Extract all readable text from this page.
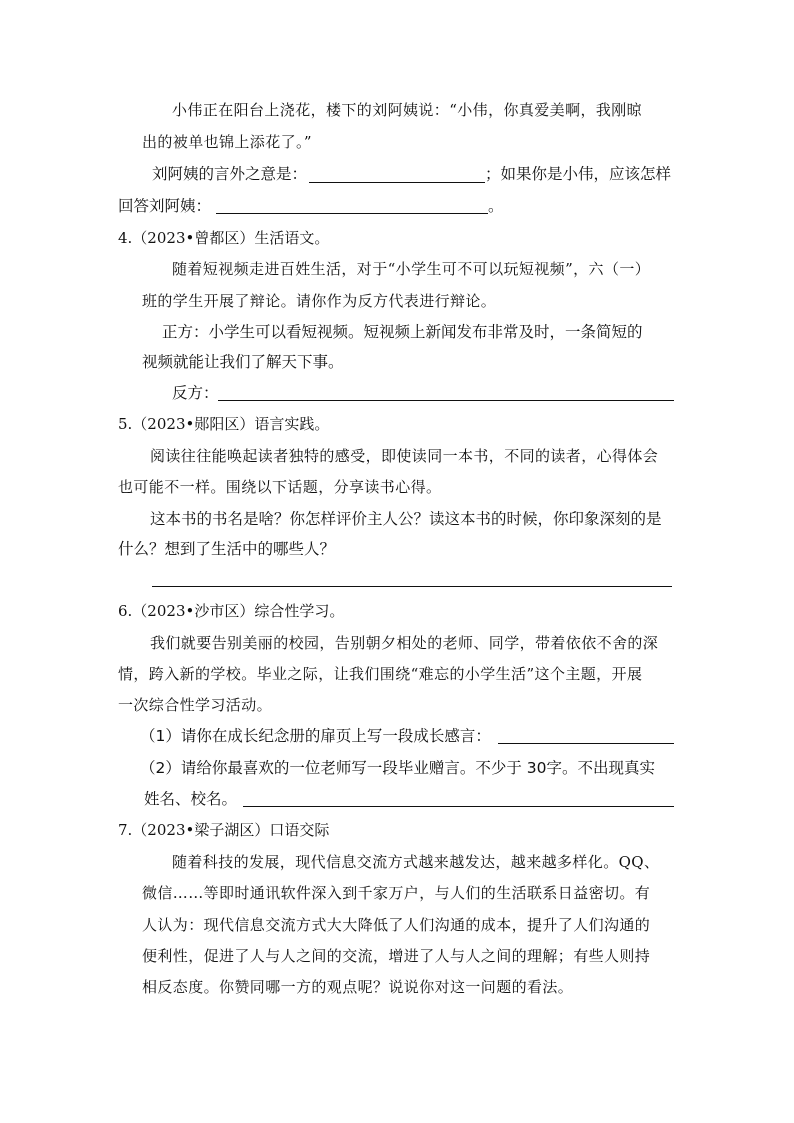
小伟正在阳台上浇花，楼下的刘阿姨说：“小伟，你真爱美啊，我刚晾
出的被单也锦上添花了。”
刘阿姨的言外之意是：	；如果你是小伟，应该怎样
回答刘阿姨：	。
4.（2023•曾都区）生活语文。
随着短视频走进百姓生活，对于“小学生可不可以玩短视频”，六（一）
班的学生开展了辩论。请你作为反方代表进行辩论。
正方：小学生可以看短视频。短视频上新闻发布非常及时，一条简短的
视频就能让我们了解天下事。
反方：
5.（2023•郧阳区）语言实践。
阅读往往能唤起读者独特的感受，即使读同一本书，不同的读者，心得体会
也可能不一样。围绕以下话题，分享读书心得。
这本书的书名是啥？你怎样评价主人公？读这本书的时候，你印象深刻的是
什么？想到了生活中的哪些人？
6.（2023•沙市区）综合性学习。
我们就要告别美丽的校园，告别朝夕相处的老师、同学，带着依依不舍的深
情，跨入新的学校。毕业之际，让我们围绕“难忘的小学生活”这个主题，开展
一次综合性学习活动。
（1）请你在成长纪念册的扉页上写一段成长感言：
（2）请给你最喜欢的一位老师写一段毕业赠言。不少于 30字。不出现真实
姓名、校名。
7.（2023•梁子湖区）口语交际
随着科技的发展，现代信息交流方式越来越发达，越来越多样化。QQ、
微信……等即时通讯软件深入到千家万户，与人们的生活联系日益密切。有
人认为：现代信息交流方式大大降低了人们沟通的成本，提升了人们沟通的
便利性，促进了人与人之间的交流，增进了人与人之间的理解；有些人则持
相反态度。你赞同哪一方的观点呢？说说你对这一问题的看法。
